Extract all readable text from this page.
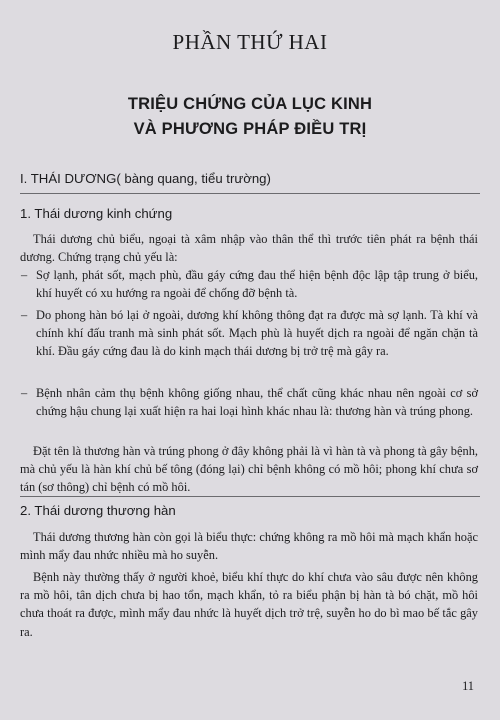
PHẦN THỨ HAI
TRIỆU CHỨNG CỦA LỤC KINH
VÀ PHƯƠNG PHÁP ĐIỀU TRỊ
I. THÁI DƯƠNG( bàng quang, tiểu trường)
1. Thái dương kinh chứng

Thái dương chủ biểu, ngoại tà xâm nhập vào thân thể thì trước tiên phát ra bệnh thái dương. Chứng trạng chủ yếu là:

– Sợ lạnh, phát sốt, mạch phù, đầu gáy cứng đau thể hiện bệnh độc lập tập trung ở biểu, khí huyết có xu hướng ra ngoài để chống đỡ bệnh tà.

– Do phong hàn bó lại ở ngoài, dương khí không thông đạt ra được mà sợ lạnh. Tà khí và chính khí đấu tranh mà sinh phát sốt. Mạch phù là huyết dịch ra ngoài để ngăn chặn tà khí. Đầu gáy cứng đau là do kinh mạch thái dương bị trở trệ mà gây ra.

– Bệnh nhân cảm thụ bệnh không giống nhau, thể chất cũng khác nhau nên ngoài cơ sở chứng hậu chung lại xuất hiện ra hai loại hình khác nhau là: thương hàn và trúng phong.

Đặt tên là thương hàn và trúng phong ở đây không phải là vì hàn tà và phong tà gây bệnh, mà chủ yếu là hàn khí chủ bế tông (đóng lại) chỉ bệnh không có mồ hôi; phong khí chưa sơ tán (sơ thông) chỉ bệnh có mồ hôi.

2. Thái dương thương hàn

Thái dương thương hàn còn gọi là biểu thực: chứng không ra mồ hôi mà mạch khẩn hoặc mình mẩy đau nhức nhiều mà ho suyễn.

Bệnh này thường thấy ở người khoẻ, biểu khí thực do khí chưa vào sâu được nên không ra mồ hôi, tân dịch chưa bị hao tổn, mạch khẩn, tỏ ra biểu phận bị hàn tà bó chặt, mồ hôi chưa thoát ra được, mình mẩy đau nhức là huyết dịch trở trệ, suyễn ho do bì mao bế tắc gây ra.

11
